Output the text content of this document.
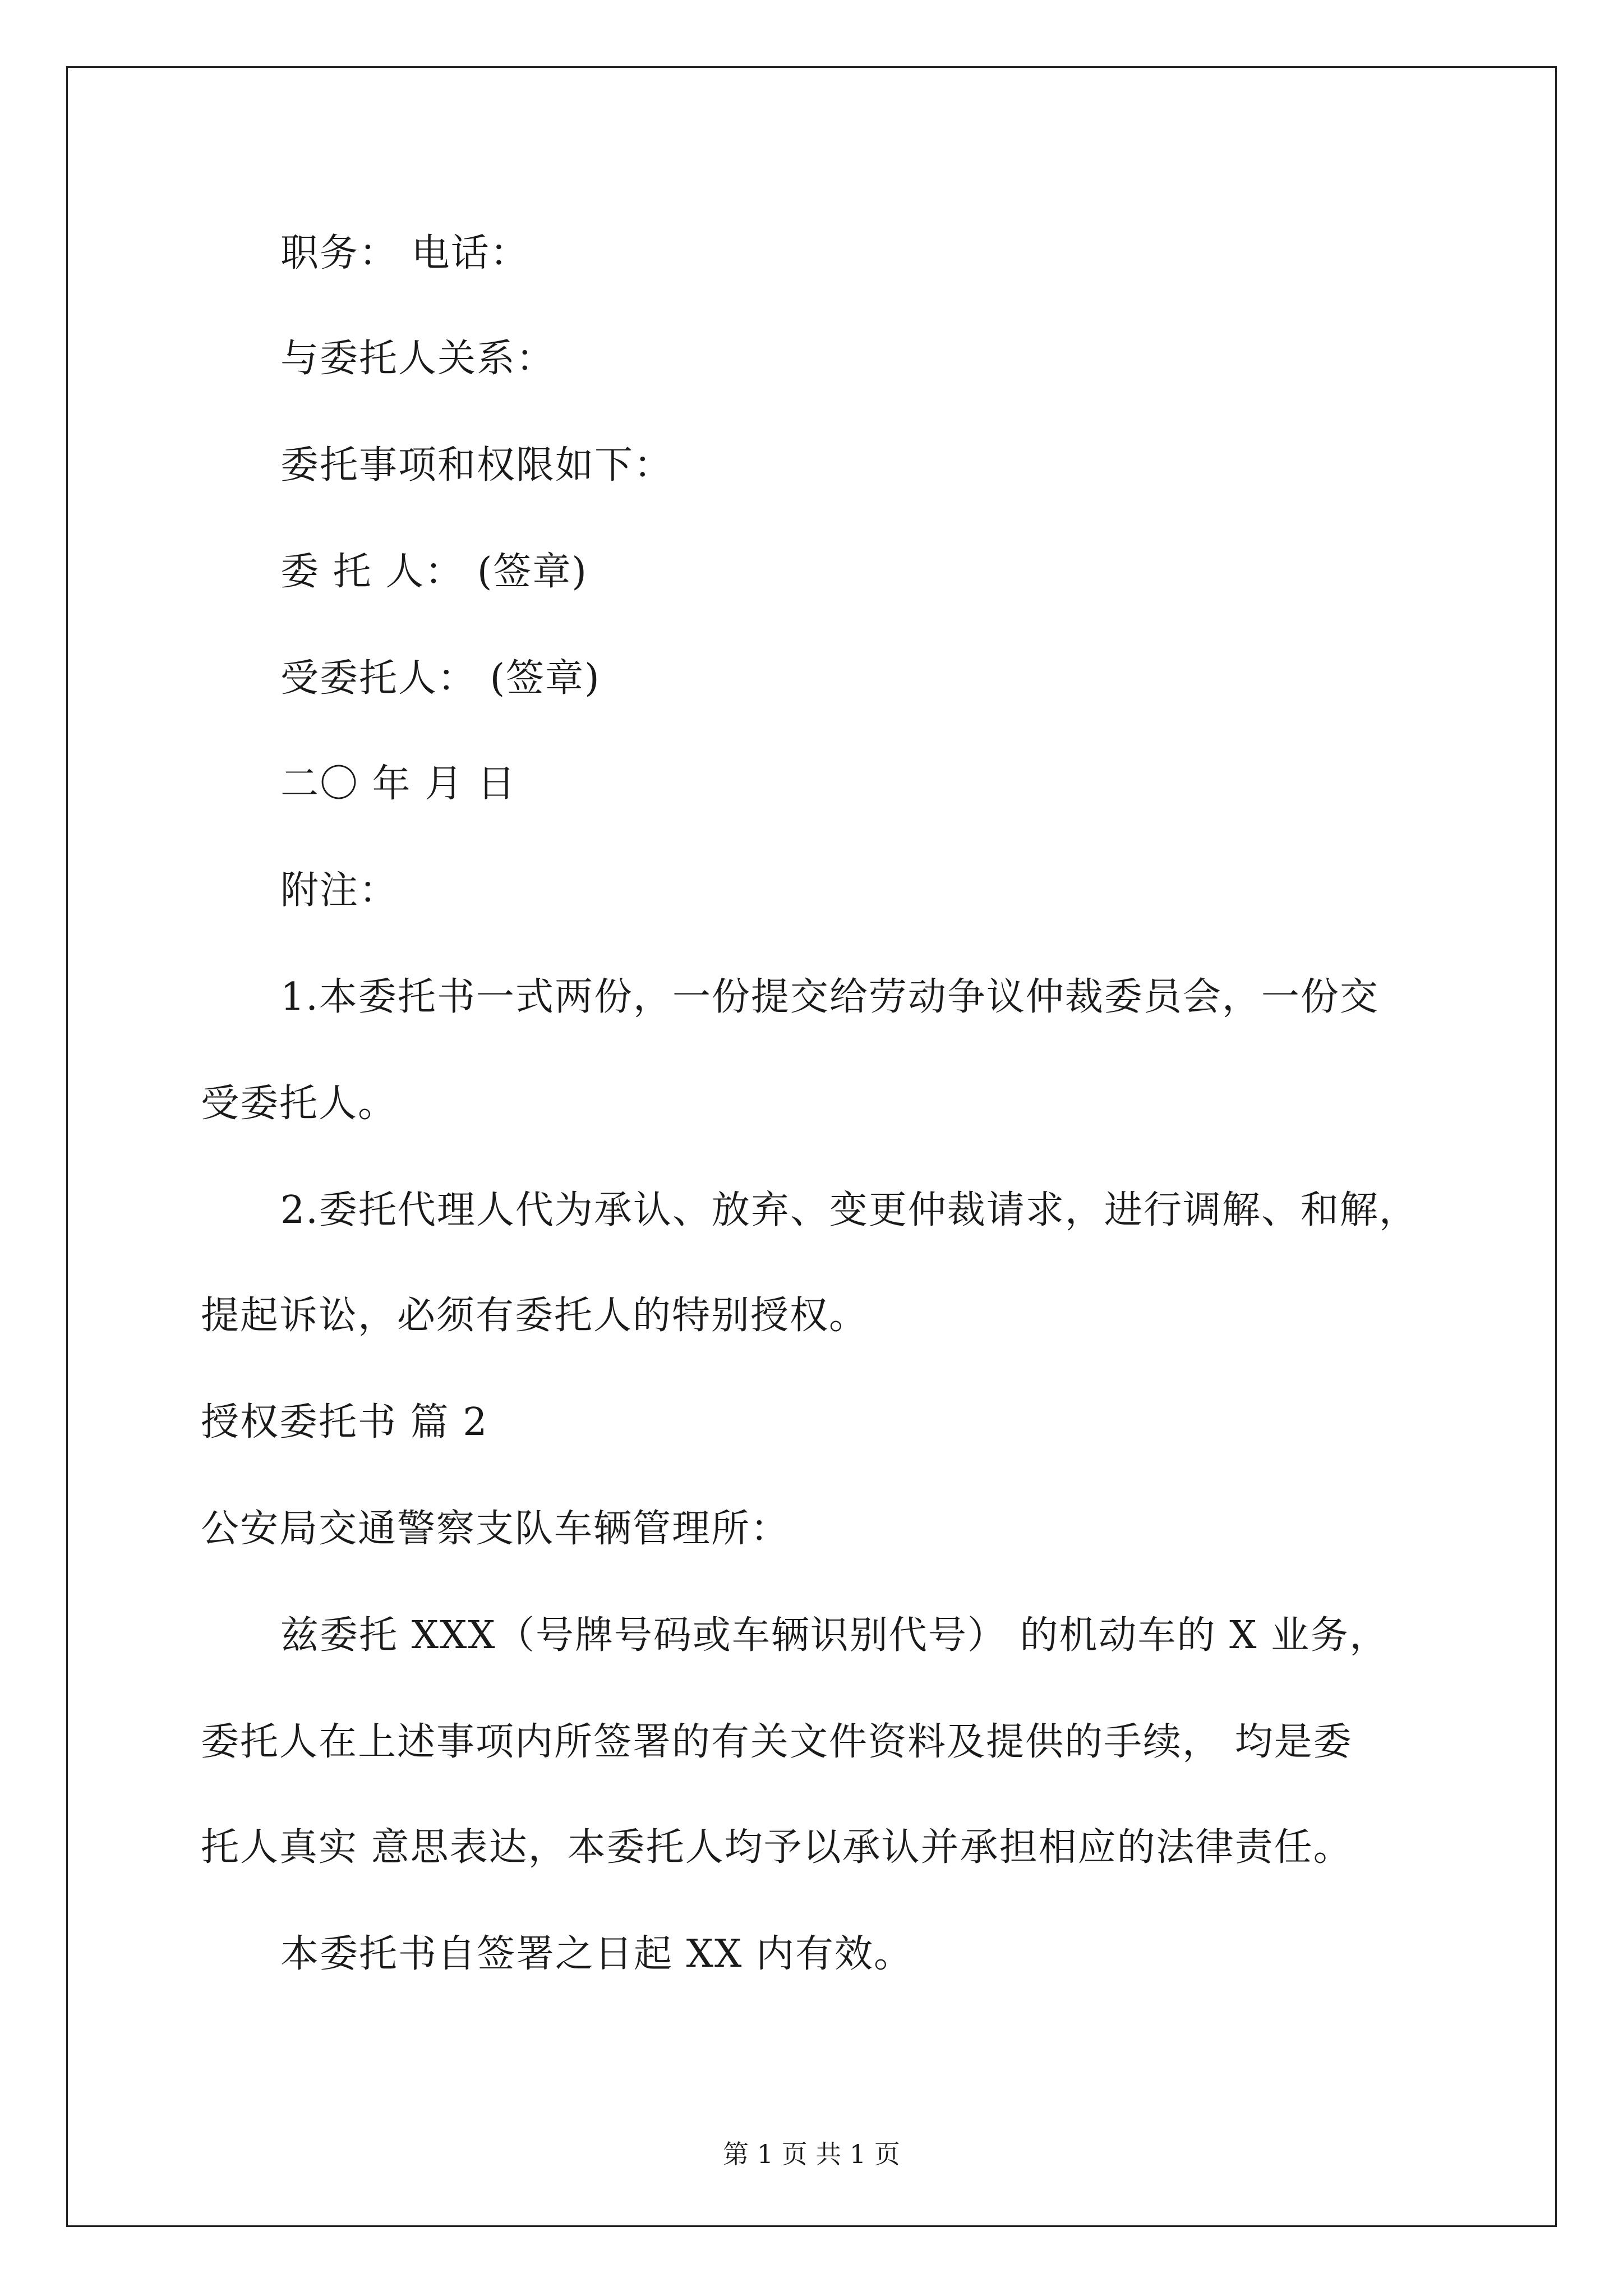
职务： 电话：
与委托人关系：
委托事项和权限如下：
委 托 人： (签章)
受委托人： (签章)
二〇 年 月 日
附注：
1.本委托书一式两份，一份提交给劳动争议仲裁委员会，一份交
受委托人。
2.委托代理人代为承认、放弃、变更仲裁请求，进行调解、和解，
提起诉讼，必须有委托人的特别授权。
授权委托书 篇 2
公安局交通警察支队车辆管理所：
兹委托 XXX（号牌号码或车辆识别代号） 的机动车的 X 业务，
委托人在上述事项内所签署的有关文件资料及提供的手续， 均是委
托人真实 意思表达，本委托人均予以承认并承担相应的法律责任。
本委托书自签署之日起 XX 内有效。
第 1 页 共 1 页
